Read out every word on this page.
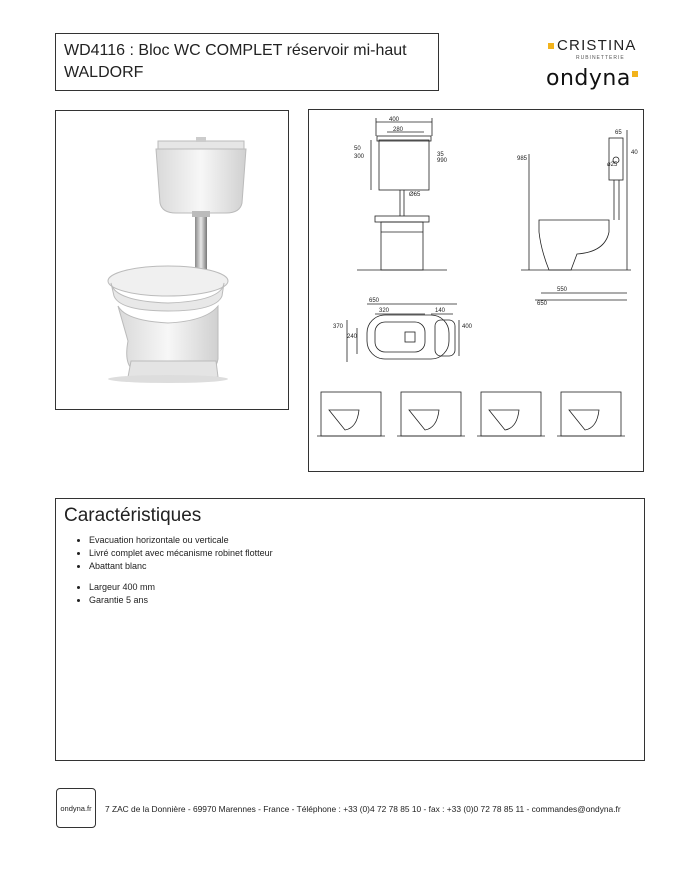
WD4116 : Bloc WC COMPLET réservoir mi-haut
WALDORF
CRISTINA
RUBINETTERIE
ondyna
400
280
50
300	35
990
Ø65
65
40
985
ø25
550
650
650
320	140
400
370
240
Caractéristiques
• Evacuation horizontale ou verticale
• Livré complet avec mécanisme robinet flotteur
• Abattant blanc
• Largeur 400 mm
• Garantie 5 ans
ondyna.fr 7 ZAC de la Donnière - 69970 Marennes - France - Téléphone : +33 (0)4 72 78 85 10 - fax : +33 (0)0 72 78 85 11 - commandes@ondyna.fr
